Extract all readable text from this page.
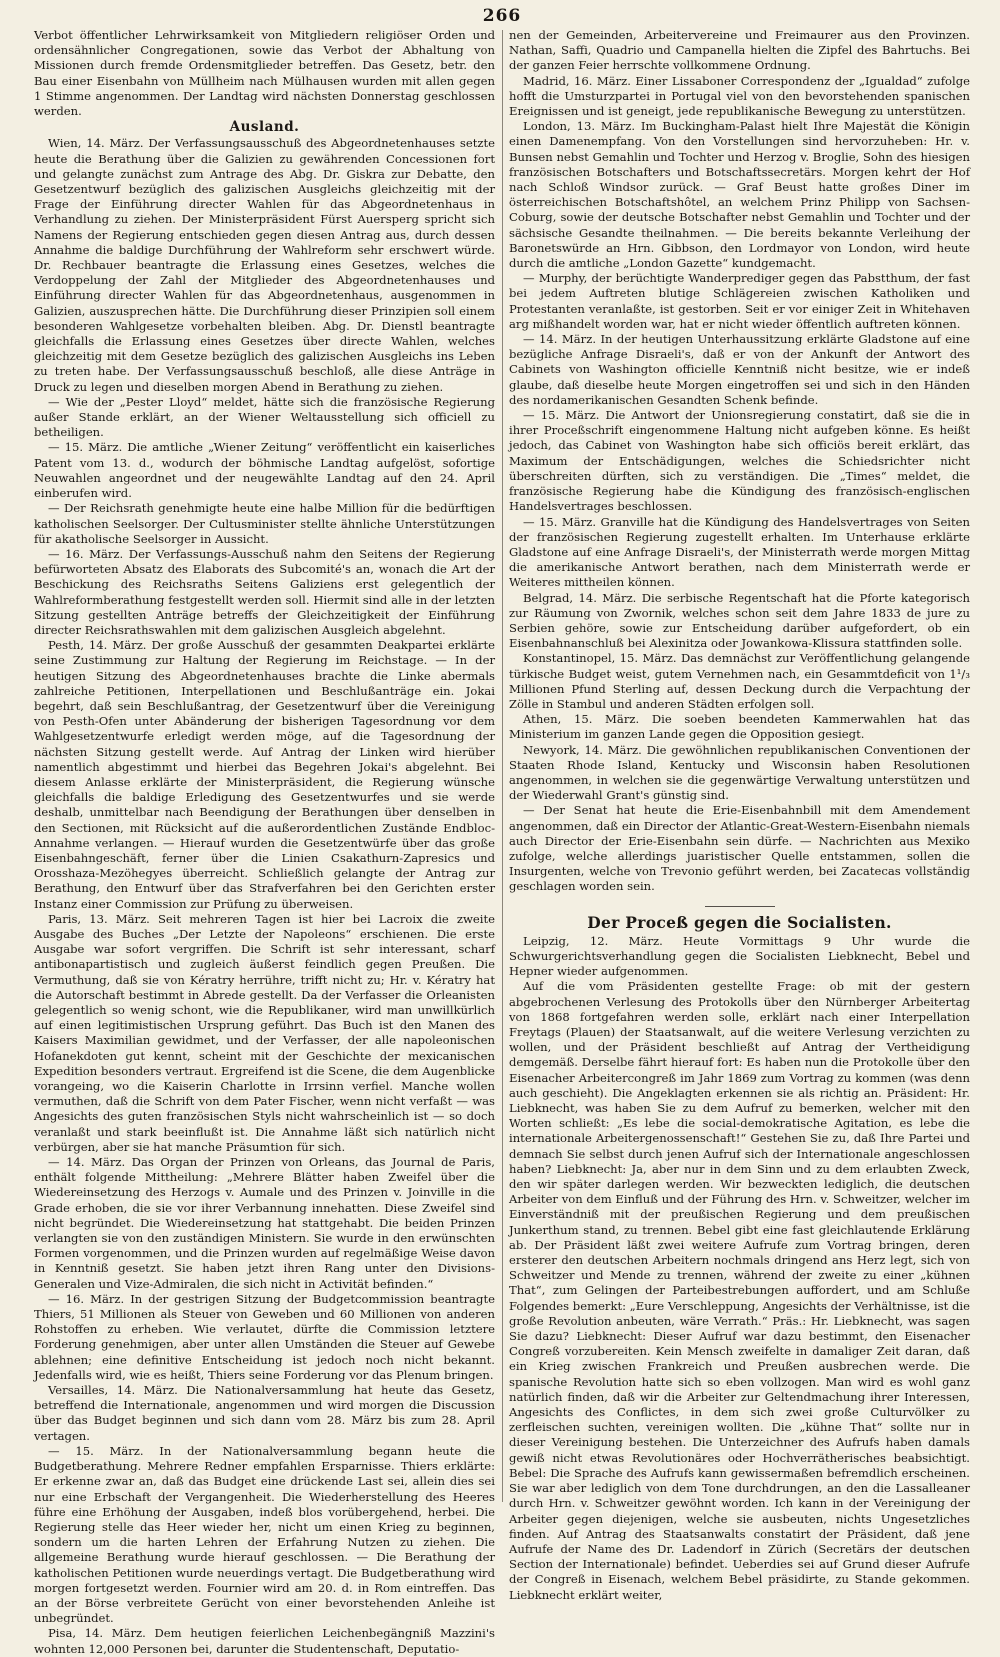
266

Verbot öffentlicher Lehrwirksamkeit von Mitgliedern religiöser Orden und ordensähnlicher Congregationen, sowie das Verbot der Abhaltung von Missionen durch fremde Ordensmitglieder betreffen. Das Gesetz, betr. den Bau einer Eisenbahn von Müllheim nach Mülhausen wurden mit allen gegen 1 Stimme angenommen. Der Landtag wird nächsten Donnerstag geschlossen werden.

Ausland.

Wien, 14. März. Der Verfassungsausschuß des Abgeordnetenhauses setzte heute die Berathung über die Galizien zu gewährenden Concessionen fort und gelangte zunächst zum Antrage des Abg. Dr. Giskra zur Debatte, den Gesetzentwurf bezüglich des galizischen Ausgleichs gleichzeitig mit der Frage der Einführung directer Wahlen für das Abgeordnetenhaus in Verhandlung zu ziehen. Der Ministerpräsident Fürst Auersperg spricht sich Namens der Regierung entschieden gegen diesen Antrag aus, durch dessen Annahme die baldige Durchführung der Wahlreform sehr erschwert würde. Dr. Rechbauer beantragte die Erlassung eines Gesetzes, welches die Verdoppelung der Zahl der Mitglieder des Abgeordnetenhauses und Einführung directer Wahlen für das Abgeordnetenhaus, ausgenommen in Galizien, auszusprechen hätte. Die Durchführung dieser Prinzipien soll einem besonderen Wahlgesetze vorbehalten bleiben. Abg. Dr. Dienstl beantragte gleichfalls die Erlassung eines Gesetzes über directe Wahlen, welches gleichzeitig mit dem Gesetze bezüglich des galizischen Ausgleichs ins Leben zu treten habe. Der Verfassungsausschuß beschloß, alle diese Anträge in Druck zu legen und dieselben morgen Abend in Berathung zu ziehen.

— Wie der „Pester Lloyd“ meldet, hätte sich die französische Regierung außer Stande erklärt, an der Wiener Weltausstellung sich officiell zu betheiligen.

— 15. März. Die amtliche „Wiener Zeitung“ veröffentlicht ein kaiserliches Patent vom 13. d., wodurch der böhmische Landtag aufgelöst, sofortige Neuwahlen angeordnet und der neugewählte Landtag auf den 24. April einberufen wird.

— Der Reichsrath genehmigte heute eine halbe Million für die bedürftigen katholischen Seelsorger. Der Cultusminister stellte ähnliche Unterstützungen für akatholische Seelsorger in Aussicht.

— 16. März. Der Verfassungs-Ausschuß nahm den Seitens der Regierung befürworteten Absatz des Elaborats des Subcomité's an, wonach die Art der Beschickung des Reichsraths Seitens Galiziens erst gelegentlich der Wahlreformberathung festgestellt werden soll. Hiermit sind alle in der letzten Sitzung gestellten Anträge betreffs der Gleichzeitigkeit der Einführung directer Reichsrathswahlen mit dem galizischen Ausgleich abgelehnt.

Pesth, 14. März. Der große Ausschuß der gesammten Deakpartei erklärte seine Zustimmung zur Haltung der Regierung im Reichstage. — In der heutigen Sitzung des Abgeordnetenhauses brachte die Linke abermals zahlreiche Petitionen, Interpellationen und Beschlußanträge ein. Jokai begehrt, daß sein Beschlußantrag, der Gesetzentwurf über die Vereinigung von Pesth-Ofen unter Abänderung der bisherigen Tagesordnung vor dem Wahlgesetzentwurfe erledigt werden möge, auf die Tagesordnung der nächsten Sitzung gestellt werde. Auf Antrag der Linken wird hierüber namentlich abgestimmt und hierbei das Begehren Jokai's abgelehnt. Bei diesem Anlasse erklärte der Ministerpräsident, die Regierung wünsche gleichfalls die baldige Erledigung des Gesetzentwurfes und sie werde deshalb, unmittelbar nach Beendigung der Berathungen über denselben in den Sectionen, mit Rücksicht auf die außerordentlichen Zustände Endbloc-Annahme verlangen. — Hierauf wurden die Gesetzentwürfe über das große Eisenbahngeschäft, ferner über die Linien Csakathurn-Zapresics und Orosshaza-Mezöhegyes überreicht. Schließlich gelangte der Antrag zur Berathung, den Entwurf über das Strafverfahren bei den Gerichten erster Instanz einer Commission zur Prüfung zu überweisen.

Paris, 13. März. Seit mehreren Tagen ist hier bei Lacroix die zweite Ausgabe des Buches „Der Letzte der Napoleons“ erschienen. Die erste Ausgabe war sofort vergriffen. Die Schrift ist sehr interessant, scharf antibonapartistisch und zugleich äußerst feindlich gegen Preußen. Die Vermuthung, daß sie von Kératry herrühre, trifft nicht zu; Hr. v. Kératry hat die Autorschaft bestimmt in Abrede gestellt. Da der Verfasser die Orleanisten gelegentlich so wenig schont, wie die Republikaner, wird man unwillkürlich auf einen legitimistischen Ursprung geführt. Das Buch ist den Manen des Kaisers Maximilian gewidmet, und der Verfasser, der alle napoleonischen Hofanekdoten gut kennt, scheint mit der Geschichte der mexicanischen Expedition besonders vertraut. Ergreifend ist die Scene, die dem Augenblicke vorangeing, wo die Kaiserin Charlotte in Irrsinn verfiel. Manche wollen vermuthen, daß die Schrift von dem Pater Fischer, wenn nicht verfaßt — was Angesichts des guten französischen Styls nicht wahrscheinlich ist — so doch veranlaßt und stark beeinflußt ist. Die Annahme läßt sich natürlich nicht verbürgen, aber sie hat manche Präsumtion für sich.

— 14. März. Das Organ der Prinzen von Orleans, das Journal de Paris, enthält folgende Mittheilung: „Mehrere Blätter haben Zweifel über die Wiedereinsetzung des Herzogs v. Aumale und des Prinzen v. Joinville in die Grade erhoben, die sie vor ihrer Verbannung innehatten. Diese Zweifel sind nicht begründet. Die Wiedereinsetzung hat stattgehabt. Die beiden Prinzen verlangten sie von den zuständigen Ministern. Sie wurde in den erwünschten Formen vorgenommen, und die Prinzen wurden auf regelmäßige Weise davon in Kenntniß gesetzt. Sie haben jetzt ihren Rang unter den Divisions-Generalen und Vize-Admiralen, die sich nicht in Activität befinden.“

— 16. März. In der gestrigen Sitzung der Budgetcommission beantragte Thiers, 51 Millionen als Steuer von Geweben und 60 Millionen von anderen Rohstoffen zu erheben. Wie verlautet, dürfte die Commission letztere Forderung genehmigen, aber unter allen Umständen die Steuer auf Gewebe ablehnen; eine definitive Entscheidung ist jedoch noch nicht bekannt. Jedenfalls wird, wie es heißt, Thiers seine Forderung vor das Plenum bringen.

Versailles, 14. März. Die Nationalversammlung hat heute das Gesetz, betreffend die Internationale, angenommen und wird morgen die Discussion über das Budget beginnen und sich dann vom 28. März bis zum 28. April vertagen.

— 15. März. In der Nationalversammlung begann heute die Budgetberathung. Mehrere Redner empfahlen Ersparnisse. Thiers erklärte: Er erkenne zwar an, daß das Budget eine drückende Last sei, allein dies sei nur eine Erbschaft der Vergangenheit. Die Wiederherstellung des Heeres führe eine Erhöhung der Ausgaben, indeß blos vorübergehend, herbei. Die Regierung stelle das Heer wieder her, nicht um einen Krieg zu beginnen, sondern um die harten Lehren der Erfahrung Nutzen zu ziehen. Die allgemeine Berathung wurde hierauf geschlossen. — Die Berathung der katholischen Petitionen wurde neuerdings vertagt. Die Budgetberathung wird morgen fortgesetzt werden. Fournier wird am 20. d. in Rom eintreffen. Das an der Börse verbreitete Gerücht von einer bevorstehenden Anleihe ist unbegründet.

Pisa, 14. März. Dem heutigen feierlichen Leichenbegängniß Mazzini's wohnten 12,000 Personen bei, darunter die Studentenschaft, Deputatio-

nen der Gemeinden, Arbeitervereine und Freimaurer aus den Provinzen. Nathan, Saffi, Quadrio und Campanella hielten die Zipfel des Bahrtuchs. Bei der ganzen Feier herrschte vollkommene Ordnung.

Madrid, 16. März. Einer Lissaboner Correspondenz der „Igualdad“ zufolge hofft die Umsturzpartei in Portugal viel von den bevorstehenden spanischen Ereignissen und ist geneigt, jede republikanische Bewegung zu unterstützen.

London, 13. März. Im Buckingham-Palast hielt Ihre Majestät die Königin einen Damenempfang. Von den Vorstellungen sind hervorzuheben: Hr. v. Bunsen nebst Gemahlin und Tochter und Herzog v. Broglie, Sohn des hiesigen französischen Botschafters und Botschaftssecretärs. Morgen kehrt der Hof nach Schloß Windsor zurück. — Graf Beust hatte großes Diner im österreichischen Botschaftshôtel, an welchem Prinz Philipp von Sachsen-Coburg, sowie der deutsche Botschafter nebst Gemahlin und Tochter und der sächsische Gesandte theilnahmen. — Die bereits bekannte Verleihung der Baronetswürde an Hrn. Gibbson, den Lordmayor von London, wird heute durch die amtliche „London Gazette“ kundgemacht.

— Murphy, der berüchtigte Wanderprediger gegen das Pabstthum, der fast bei jedem Auftreten blutige Schlägereien zwischen Katholiken und Protestanten veranlaßte, ist gestorben. Seit er vor einiger Zeit in Whitehaven arg mißhandelt worden war, hat er nicht wieder öffentlich auftreten können.

— 14. März. In der heutigen Unterhaussitzung erklärte Gladstone auf eine bezügliche Anfrage Disraeli's, daß er von der Ankunft der Antwort des Cabinets von Washington officielle Kenntniß nicht besitze, wie er indeß glaube, daß dieselbe heute Morgen eingetroffen sei und sich in den Händen des nordamerikanischen Gesandten Schenk befinde.

— 15. März. Die Antwort der Unionsregierung constatirt, daß sie die in ihrer Proceßschrift eingenommene Haltung nicht aufgeben könne. Es heißt jedoch, das Cabinet von Washington habe sich officiös bereit erklärt, das Maximum der Entschädigungen, welches die Schiedsrichter nicht überschreiten dürften, sich zu verständigen. Die „Times“ meldet, die französische Regierung habe die Kündigung des französisch-englischen Handelsvertrages beschlossen.

— 15. März. Granville hat die Kündigung des Handelsvertrages von Seiten der französischen Regierung zugestellt erhalten. Im Unterhause erklärte Gladstone auf eine Anfrage Disraeli's, der Ministerrath werde morgen Mittag die amerikanische Antwort berathen, nach dem Ministerrath werde er Weiteres mittheilen können.

Belgrad, 14. März. Die serbische Regentschaft hat die Pforte kategorisch zur Räumung von Zwornik, welches schon seit dem Jahre 1833 de jure zu Serbien gehöre, sowie zur Entscheidung darüber aufgefordert, ob ein Eisenbahnanschluß bei Alexinitza oder Jowankowa-Klissura stattfinden solle.

Konstantinopel, 15. März. Das demnächst zur Veröffentlichung gelangende türkische Budget weist, gutem Vernehmen nach, ein Gesammtdeficit von 1¹/₃ Millionen Pfund Sterling auf, dessen Deckung durch die Verpachtung der Zölle in Stambul und anderen Städten erfolgen soll.

Athen, 15. März. Die soeben beendeten Kammerwahlen hat das Ministerium im ganzen Lande gegen die Opposition gesiegt.

Newyork, 14. März. Die gewöhnlichen republikanischen Conventionen der Staaten Rhode Island, Kentucky und Wisconsin haben Resolutionen angenommen, in welchen sie die gegenwärtige Verwaltung unterstützen und der Wiederwahl Grant's günstig sind.

— Der Senat hat heute die Erie-Eisenbahnbill mit dem Amendement angenommen, daß ein Director der Atlantic-Great-Western-Eisenbahn niemals auch Director der Erie-Eisenbahn sein dürfe. — Nachrichten aus Mexiko zufolge, welche allerdings juaristischer Quelle entstammen, sollen die Insurgenten, welche von Trevonio geführt werden, bei Zacatecas vollständig geschlagen worden sein.

Der Proceß gegen die Socialisten.

Leipzig, 12. März. Heute Vormittags 9 Uhr wurde die Schwurgerichtsverhandlung gegen die Socialisten Liebknecht, Bebel und Hepner wieder aufgenommen.

Auf die vom Präsidenten gestellte Frage: ob mit der gestern abgebrochenen Verlesung des Protokolls über den Nürnberger Arbeitertag von 1868 fortgefahren werden solle, erklärt nach einer Interpellation Freytags (Plauen) der Staatsanwalt, auf die weitere Verlesung verzichten zu wollen, und der Präsident beschließt auf Antrag der Vertheidigung demgemäß. Derselbe fährt hierauf fort: Es haben nun die Protokolle über den Eisenacher Arbeitercongreß im Jahr 1869 zum Vortrag zu kommen (was denn auch geschieht). Die Angeklagten erkennen sie als richtig an. Präsident: Hr. Liebknecht, was haben Sie zu dem Aufruf zu bemerken, welcher mit den Worten schließt: „Es lebe die social-demokratische Agitation, es lebe die internationale Arbeitergenossenschaft!“ Gestehen Sie zu, daß Ihre Partei und demnach Sie selbst durch jenen Aufruf sich der Internationale angeschlossen haben? Liebknecht: Ja, aber nur in dem Sinn und zu dem erlaubten Zweck, den wir später darlegen werden. Wir bezweckten lediglich, die deutschen Arbeiter von dem Einfluß und der Führung des Hrn. v. Schweitzer, welcher im Einverständniß mit der preußischen Regierung und dem preußischen Junkerthum stand, zu trennen. Bebel gibt eine fast gleichlautende Erklärung ab. Der Präsident läßt zwei weitere Aufrufe zum Vortrag bringen, deren ersterer den deutschen Arbeitern nochmals dringend ans Herz legt, sich von Schweitzer und Mende zu trennen, während der zweite zu einer „kühnen That“, zum Gelingen der Parteibestrebungen auffordert, und am Schluße Folgendes bemerkt: „Eure Verschleppung, Angesichts der Verhältnisse, ist die große Revolution anbeuten, wäre Verrath.“ Präs.: Hr. Liebknecht, was sagen Sie dazu? Liebknecht: Dieser Aufruf war dazu bestimmt, den Eisenacher Congreß vorzubereiten. Kein Mensch zweifelte in damaliger Zeit daran, daß ein Krieg zwischen Frankreich und Preußen ausbrechen werde. Die spanische Revolution hatte sich so eben vollzogen. Man wird es wohl ganz natürlich finden, daß wir die Arbeiter zur Geltendmachung ihrer Interessen, Angesichts des Conflictes, in dem sich zwei große Culturvölker zu zerfleischen suchten, vereinigen wollten. Die „kühne That“ sollte nur in dieser Vereinigung bestehen. Die Unterzeichner des Aufrufs haben damals gewiß nicht etwas Revolutionäres oder Hochverrätherisches beabsichtigt. Bebel: Die Sprache des Aufrufs kann gewissermaßen befremdlich erscheinen. Sie war aber lediglich von dem Tone durchdrungen, an den die Lassalleaner durch Hrn. v. Schweitzer gewöhnt worden. Ich kann in der Vereinigung der Arbeiter gegen diejenigen, welche sie ausbeuten, nichts Ungesetzliches finden. Auf Antrag des Staatsanwalts constatirt der Präsident, daß jene Aufrufe der Name des Dr. Ladendorf in Zürich (Secretärs der deutschen Section der Internationale) befindet. Ueberdies sei auf Grund dieser Aufrufe der Congreß in Eisenach, welchem Bebel präsidirte, zu Stande gekommen. Liebknecht erklärt weiter,
